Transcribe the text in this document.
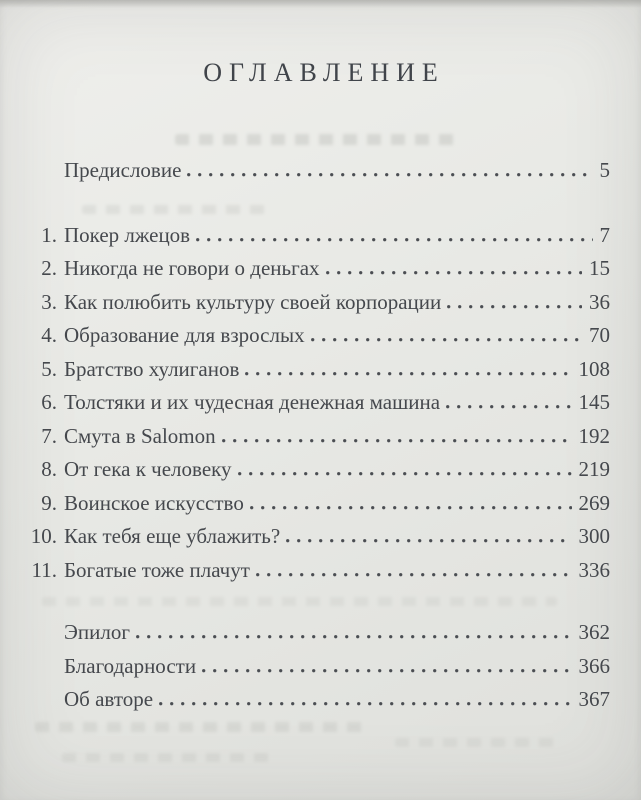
ОГЛАВЛЕНИЕ
Предисловие	5
1. Покер лжецов	7
2. Никогда не говори о деньгах	15
3. Как полюбить культуру своей корпорации	36
4. Образование для взрослых	70
5. Братство хулиганов	108
6. Толстяки и их чудесная денежная машина	145
7. Смута в Salomon	192
8. От гека к человеку	219
9. Воинское искусство	269
10. Как тебя еще ублажить?	300
11. Богатые тоже плачут	336
Эпилог	362
Благодарности	366
Об авторе	367
